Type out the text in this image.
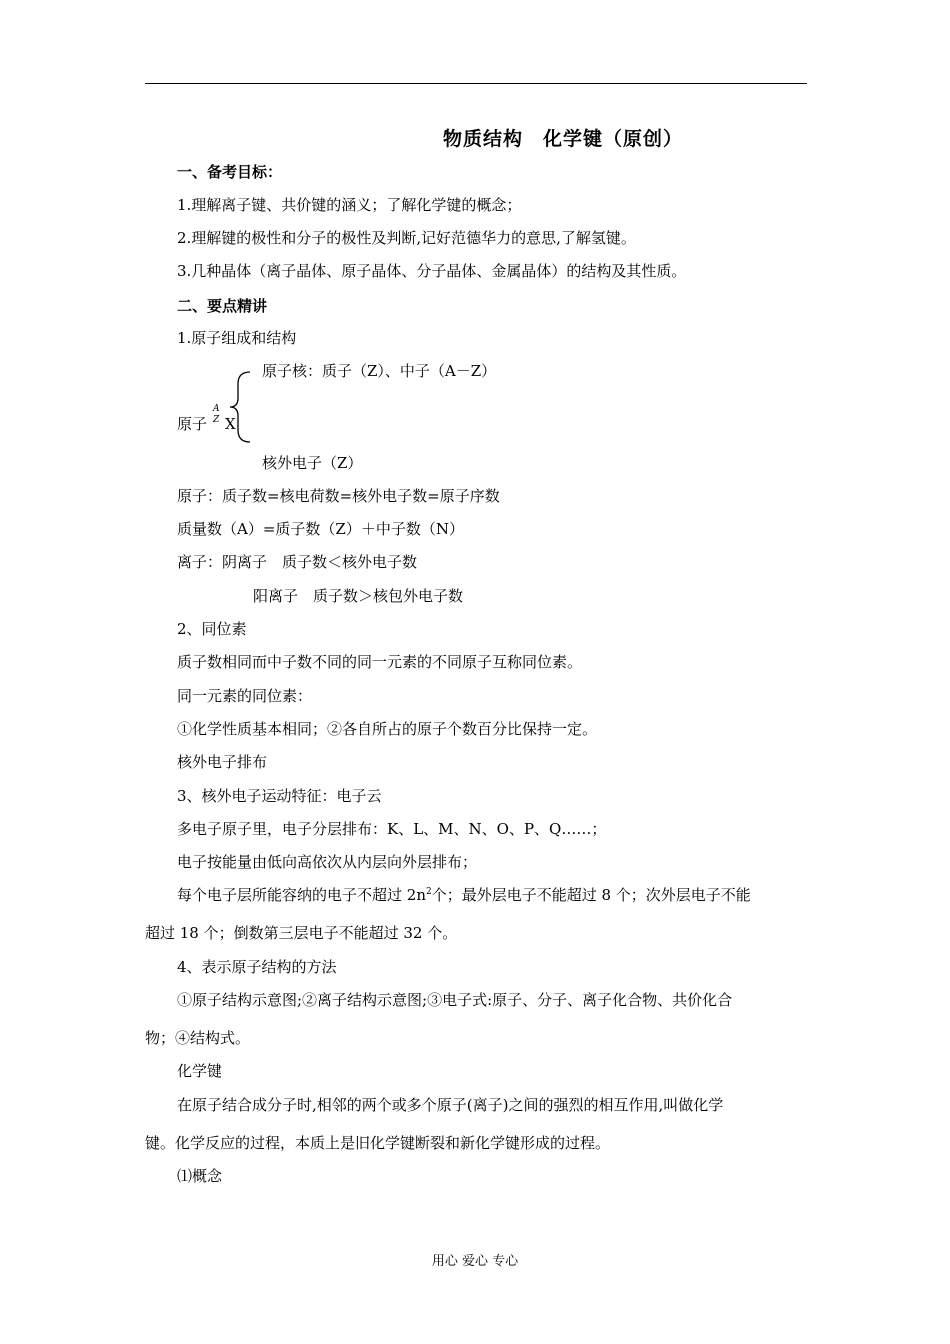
物质结构　化学键（原创）
一、备考目标：
1.理解离子键、共价键的涵义；了解化学键的概念；
2.理解键的极性和分子的极性及判断,记好范德华力的意思,了解氢键。
3.几种晶体（离子晶体、原子晶体、分子晶体、金属晶体）的结构及其性质。
二、要点精讲
1.原子组成和结构
原子核：质子（Z）、中子（A－Z）
原子
A
Z X
核外电子（Z）
原子：质子数=核电荷数=核外电子数=原子序数
质量数（A）=质子数（Z）＋中子数（N）
离子：阴离子　质子数＜核外电子数
阳离子　质子数＞核包外电子数
2、同位素
质子数相同而中子数不同的同一元素的不同原子互称同位素。
同一元素的同位素：
①化学性质基本相同；②各自所占的原子个数百分比保持一定。
核外电子排布
3、核外电子运动特征：电子云
多电子原子里，电子分层排布：K、L、M、N、O、P、Q……；
电子按能量由低向高依次从内层向外层排布；
每个电子层所能容纳的电子不超过 $2n^2$个；最外层电子不能超过 8 个；次外层电子不能
超过 18 个；倒数第三层电子不能超过 32 个。
4、表示原子结构的方法
①原子结构示意图;②离子结构示意图;③电子式:原子、分子、离子化合物、共价化合
物；④结构式。
化学键
在原子结合成分子时,相邻的两个或多个原子(离子)之间的强烈的相互作用,叫做化学
键。化学反应的过程，本质上是旧化学键断裂和新化学键形成的过程。
⑴概念
用心 爱心 专心
